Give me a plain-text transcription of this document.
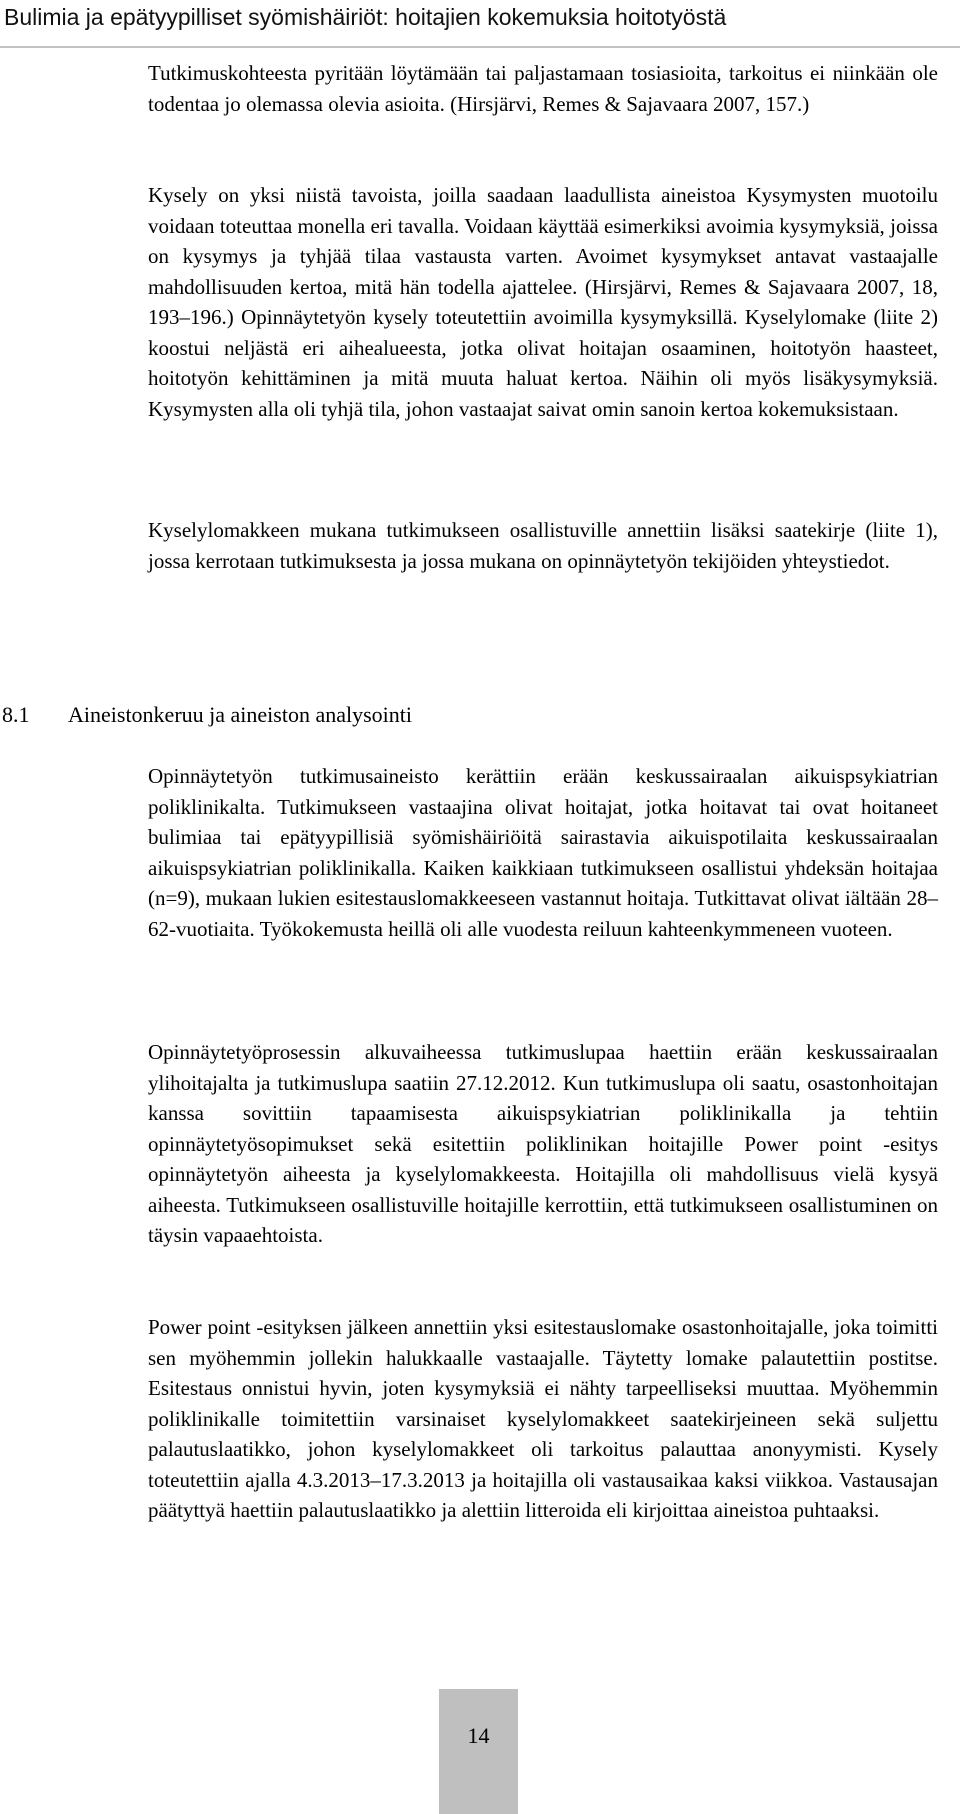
Bulimia ja epätyypilliset syömishäiriöt: hoitajien kokemuksia hoitotyöstä

Tutkimuskohteesta pyritään löytämään tai paljastamaan tosiasioita, tarkoitus ei niinkään ole todentaa jo olemassa olevia asioita. (Hirsjärvi, Remes & Sajavaara 2007, 157.)

Kysely on yksi niistä tavoista, joilla saadaan laadullista aineistoa Kysymysten muotoilu voidaan toteuttaa monella eri tavalla. Voidaan käyttää esimerkiksi avoimia kysymyksiä, joissa on kysymys ja tyhjää tilaa vastausta varten. Avoimet kysymykset antavat vastaajalle mahdollisuuden kertoa, mitä hän todella ajattelee. (Hirsjärvi, Remes & Sajavaara 2007, 18, 193–196.) Opinnäytetyön kysely toteutettiin avoimilla kysymyksillä. Kyselylomake (liite 2) koostui neljästä eri aihealueesta, jotka olivat hoitajan osaaminen, hoitotyön haasteet, hoitotyön kehittäminen ja mitä muuta haluat kertoa. Näihin oli myös lisäkysymyksiä. Kysymysten alla oli tyhjä tila, johon vastaajat saivat omin sanoin kertoa kokemuksistaan.

Kyselylomakkeen mukana tutkimukseen osallistuville annettiin lisäksi saatekirje (liite 1), jossa kerrotaan tutkimuksesta ja jossa mukana on opinnäytetyön tekijöiden yhteystiedot.

8.1 Aineistonkeruu ja aineiston analysointi

Opinnäytetyön tutkimusaineisto kerättiin erään keskussairaalan aikuispsykiatrian poliklinikalta. Tutkimukseen vastaajina olivat hoitajat, jotka hoitavat tai ovat hoitaneet bulimiaa tai epätyypillisiä syömishäiriöitä sairastavia aikuispotilaita keskussairaalan aikuispsykiatrian poliklinikalla. Kaiken kaikkiaan tutkimukseen osallistui yhdeksän hoitajaa (n=9), mukaan lukien esitestauslomakkeeseen vastannut hoitaja. Tutkittavat olivat iältään 28–62-vuotiaita. Työkokemusta heillä oli alle vuodesta reiluun kahteenkymmeneen vuoteen.

Opinnäytetyöprosessin alkuvaiheessa tutkimuslupaa haettiin erään keskussairaalan ylihoitajalta ja tutkimuslupa saatiin 27.12.2012. Kun tutkimuslupa oli saatu, osastonhoitajan kanssa sovittiin tapaamisesta aikuispsykiatrian poliklinikalla ja tehtiin opinnäytetyösopimukset sekä esitettiin poliklinikan hoitajille Power point -esitys opinnäytetyön aiheesta ja kyselylomakkeesta. Hoitajilla oli mahdollisuus vielä kysyä aiheesta. Tutkimukseen osallistuville hoitajille kerrottiin, että tutkimukseen osallistuminen on täysin vapaaehtoista.

Power point -esityksen jälkeen annettiin yksi esitestauslomake osastonhoitajalle, joka toimitti sen myöhemmin jollekin halukkaalle vastaajalle. Täytetty lomake palautettiin postitse. Esitestaus onnistui hyvin, joten kysymyksiä ei nähty tarpeelliseksi muuttaa. Myöhemmin poliklinikalle toimitettiin varsinaiset kyselylomakkeet saatekirjeineen sekä suljettu palautuslaatikko, johon kyselylomakkeet oli tarkoitus palauttaa anonyymisti. Kysely toteutettiin ajalla 4.3.2013–17.3.2013 ja hoitajilla oli vastausaikaa kaksi viikkoa. Vastausajan päätyttyä haettiin palautuslaatikko ja alettiin litteroida eli kirjoittaa aineistoa puhtaaksi.

14
